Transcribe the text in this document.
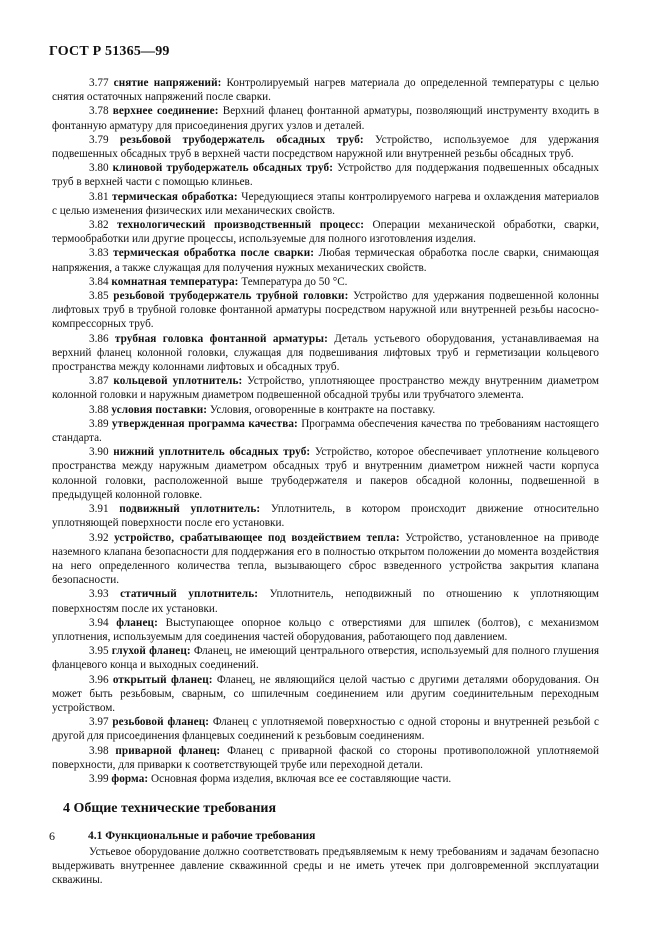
ГОСТ Р 51365—99

3.77 снятие напряжений: Контролируемый нагрев материала до определенной температуры с целью снятия остаточных напряжений после сварки.

3.78 верхнее соединение: Верхний фланец фонтанной арматуры, позволяющий инструменту входить в фонтанную арматуру для присоединения других узлов и деталей.

3.79 резьбовой трубодержатель обсадных труб: Устройство, используемое для удержания подвешенных обсадных труб в верхней части посредством наружной или внутренней резьбы обсадных труб.

3.80 клиновой трубодержатель обсадных труб: Устройство для поддержания подвешенных обсадных труб в верхней части с помощью клиньев.

3.81 термическая обработка: Чередующиеся этапы контролируемого нагрева и охлаждения материалов с целью изменения физических или механических свойств.

3.82 технологический производственный процесс: Операции механической обработки, сварки, термообработки или другие процессы, используемые для полного изготовления изделия.

3.83 термическая обработка после сварки: Любая термическая обработка после сварки, снимающая напряжения, а также служащая для получения нужных механических свойств.

3.84 комнатная температура: Температура до 50 °С.

3.85 резьбовой трубодержатель трубной головки: Устройство для удержания подвешенной колонны лифтовых труб в трубной головке фонтанной арматуры посредством наружной или внутренней резьбы насосно-компрессорных труб.

3.86 трубная головка фонтанной арматуры: Деталь устьевого оборудования, устанавливаемая на верхний фланец колонной головки, служащая для подвешивания лифтовых труб и герметизации кольцевого пространства между колоннами лифтовых и обсадных труб.

3.87 кольцевой уплотнитель: Устройство, уплотняющее пространство между внутренним диаметром колонной головки и наружным диаметром подвешенной обсадной трубы или трубчатого элемента.

3.88 условия поставки: Условия, оговоренные в контракте на поставку.

3.89 утвержденная программа качества: Программа обеспечения качества по требованиям настоящего стандарта.

3.90 нижний уплотнитель обсадных труб: Устройство, которое обеспечивает уплотнение кольцевого пространства между наружным диаметром обсадных труб и внутренним диаметром нижней части корпуса колонной головки, расположенной выше трубодержателя и пакеров обсадной колонны, подвешенной в предыдущей колонной головке.

3.91 подвижный уплотнитель: Уплотнитель, в котором происходит движение относительно уплотняющей поверхности после его установки.

3.92 устройство, срабатывающее под воздействием тепла: Устройство, установленное на приводе наземного клапана безопасности для поддержания его в полностью открытом положении до момента воздействия на него определенного количества тепла, вызывающего сброс взведенного устройства закрытия клапана безопасности.

3.93 статичный уплотнитель: Уплотнитель, неподвижный по отношению к уплотняющим поверхностям после их установки.

3.94 фланец: Выступающее опорное кольцо с отверстиями для шпилек (болтов), с механизмом уплотнения, используемым для соединения частей оборудования, работающего под давлением.

3.95 глухой фланец: Фланец, не имеющий центрального отверстия, используемый для полного глушения фланцевого конца и выходных соединений.

3.96 открытый фланец: Фланец, не являющийся целой частью с другими деталями оборудования. Он может быть резьбовым, сварным, со шпилечным соединением или другим соединительным переходным устройством.

3.97 резьбовой фланец: Фланец с уплотняемой поверхностью с одной стороны и внутренней резьбой с другой для присоединения фланцевых соединений к резьбовым соединениям.

3.98 приварной фланец: Фланец с приварной фаской со стороны противоположной уплотняемой поверхности, для приварки к соответствующей трубе или переходной детали.

3.99 форма: Основная форма изделия, включая все ее составляющие части.

4 Общие технические требования
4.1 Функциональные и рабочие требования

Устьевое оборудование должно соответствовать предъявляемым к нему требованиям и задачам безопасно выдерживать внутреннее давление скважинной среды и не иметь утечек при долговременной эксплуатации скважины.

6
